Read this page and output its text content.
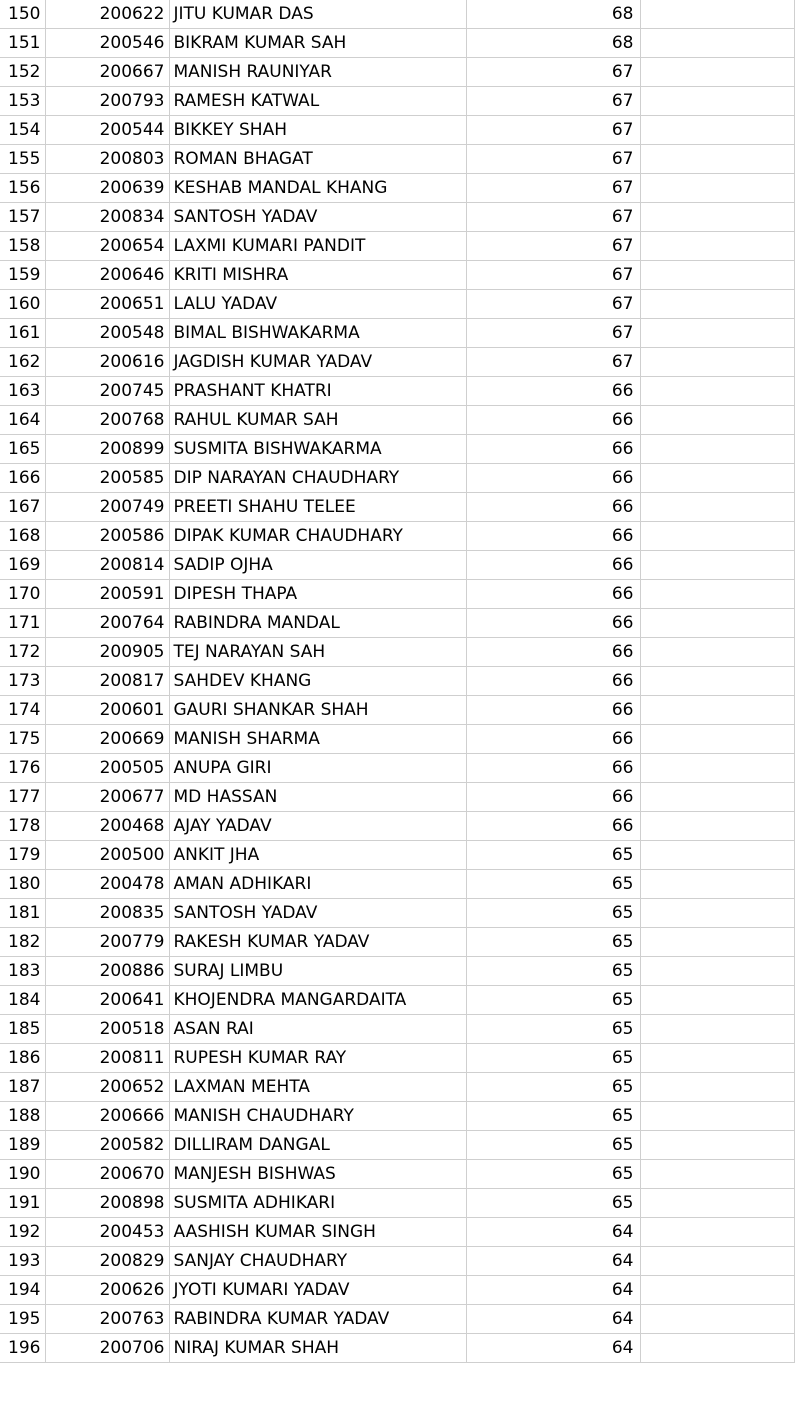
150	200622	JITU KUMAR DAS	68	
151	200546	BIKRAM KUMAR SAH	68	
152	200667	MANISH RAUNIYAR	67	
153	200793	RAMESH KATWAL	67	
154	200544	BIKKEY SHAH	67	
155	200803	ROMAN BHAGAT	67	
156	200639	KESHAB MANDAL KHANG	67	
157	200834	SANTOSH YADAV	67	
158	200654	LAXMI KUMARI PANDIT	67	
159	200646	KRITI MISHRA	67	
160	200651	LALU YADAV	67	
161	200548	BIMAL BISHWAKARMA	67	
162	200616	JAGDISH KUMAR YADAV	67	
163	200745	PRASHANT KHATRI	66	
164	200768	RAHUL KUMAR SAH	66	
165	200899	SUSMITA BISHWAKARMA	66	
166	200585	DIP NARAYAN CHAUDHARY	66	
167	200749	PREETI SHAHU TELEE	66	
168	200586	DIPAK KUMAR CHAUDHARY	66	
169	200814	SADIP OJHA	66	
170	200591	DIPESH THAPA	66	
171	200764	RABINDRA MANDAL	66	
172	200905	TEJ NARAYAN SAH	66	
173	200817	SAHDEV KHANG	66	
174	200601	GAURI SHANKAR SHAH	66	
175	200669	MANISH SHARMA	66	
176	200505	ANUPA GIRI	66	
177	200677	MD HASSAN	66	
178	200468	AJAY YADAV	66	
179	200500	ANKIT JHA	65	
180	200478	AMAN ADHIKARI	65	
181	200835	SANTOSH YADAV	65	
182	200779	RAKESH KUMAR YADAV	65	
183	200886	SURAJ LIMBU	65	
184	200641	KHOJENDRA MANGARDAITA	65	
185	200518	ASAN RAI	65	
186	200811	RUPESH KUMAR RAY	65	
187	200652	LAXMAN MEHTA	65	
188	200666	MANISH CHAUDHARY	65	
189	200582	DILLIRAM DANGAL	65	
190	200670	MANJESH BISHWAS	65	
191	200898	SUSMITA ADHIKARI	65	
192	200453	AASHISH KUMAR SINGH	64	
193	200829	SANJAY CHAUDHARY	64	
194	200626	JYOTI KUMARI YADAV	64	
195	200763	RABINDRA KUMAR YADAV	64	
196	200706	NIRAJ KUMAR SHAH	64	
